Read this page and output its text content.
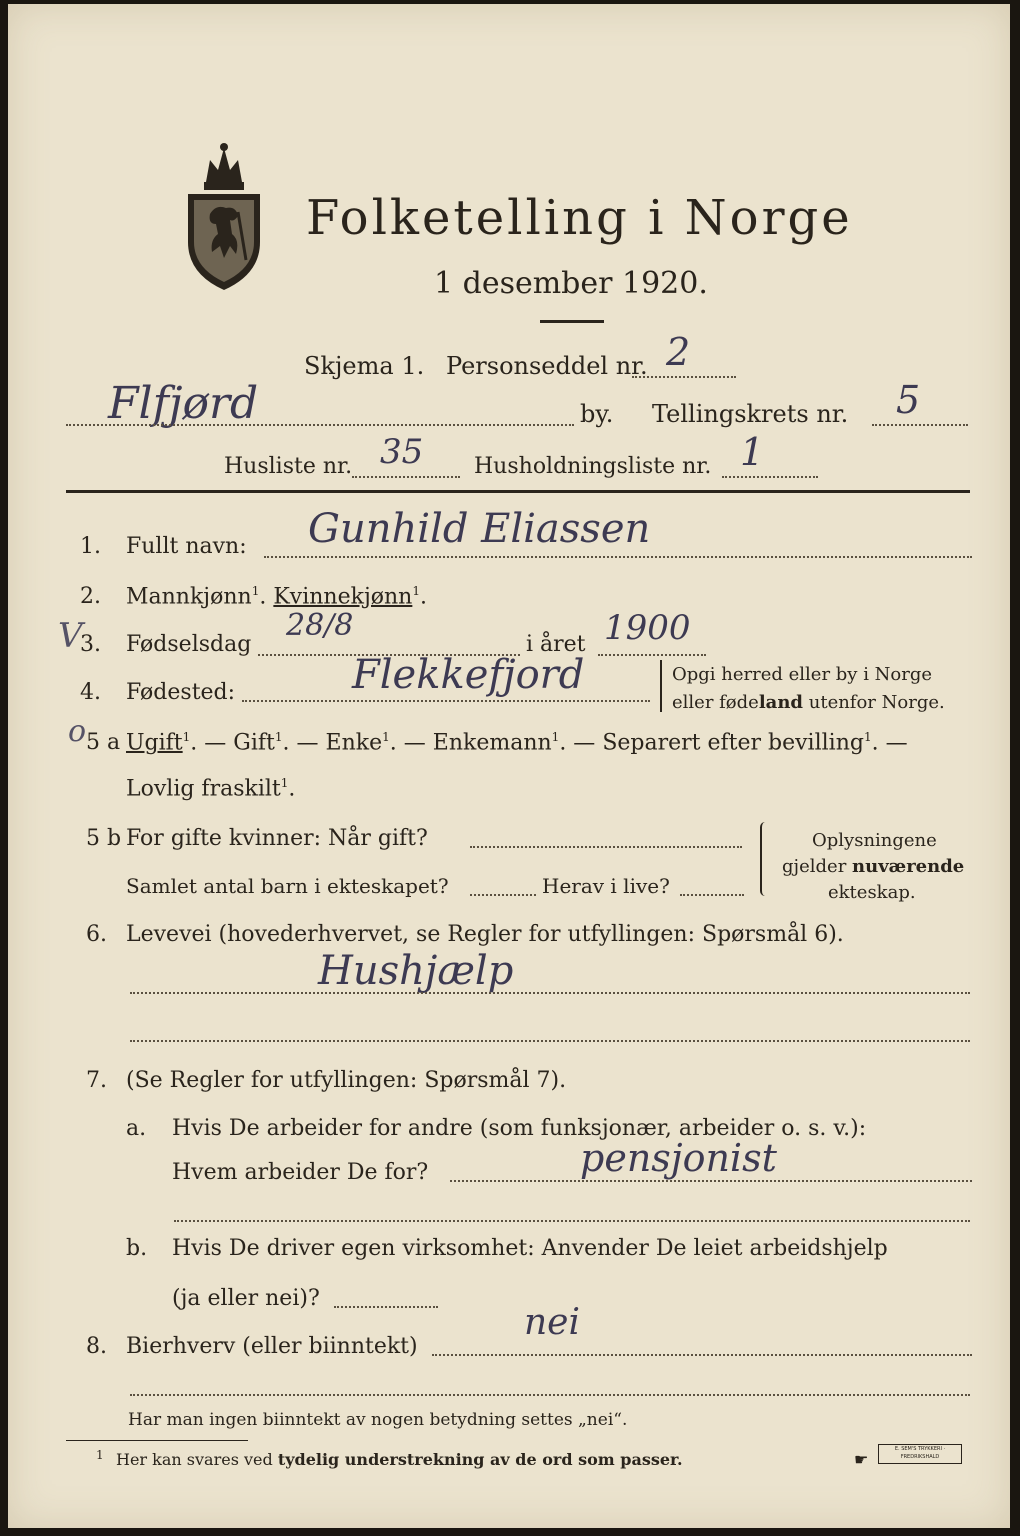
Folketelling i Norge
1 desember 1920.
Skjema 1. Personseddel nr. 2
Flfjørd	by. Tellingskrets nr. 5
Husliste nr. 35 Husholdningsliste nr. 1
1. Fullt navn: Gunhild Eliassen
2. Mannkjønn$^1$. Kvinnekjønn$^1$.
3.
V Fødselsdag
28/8
i året 1900
4. Fødested:	Flekkefjord	Opgi herred eller by i Norge
eller fødeland utenfor Norge.
o 5 a Ugift$^1$. — Gift$^1$. — Enke$^1$. — Enkemann$^1$. — Separert efter bevilling$^1$. —
Lovlig fraskilt$^1$.
5 b For gifte kvinner: Når gift?
Samlet antal barn i ekteskapet?	Herav i live?
Oplysningene
gjelder nuværende
ekteskap.
6. Levevei (hovederhvervet, se Regler for utfyllingen: Spørsmål 6).
Hushjælp
7. (Se Regler for utfyllingen: Spørsmål 7).
a. Hvis De arbeider for andre (som funksjonær, arbeider o. s. v.):
Hvem arbeider De for?	pensjonist
b. Hvis De driver egen virksomhet: Anvender De leiet arbeidshjelp
(ja eller nei)?
8. Bierhverv (eller biinntekt)
nei
Har man ingen biinntekt av nogen betydning settes „nei“.
1 Her kan svares ved tydelig understrekning av de ord som passer.	☛
E. SEM'S TRYKKERI · FREDRIKSHALD
